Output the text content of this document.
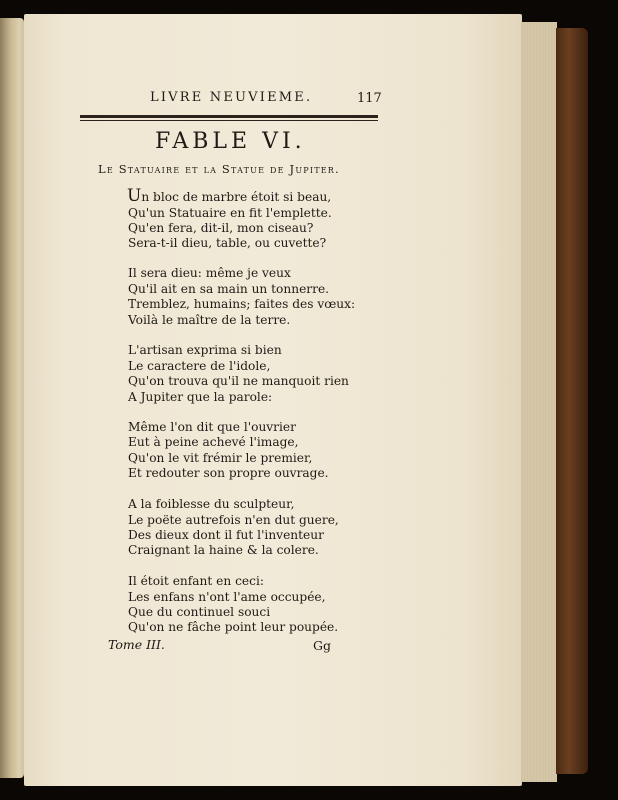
LIVRE NEUVIEME.	117
FABLE VI.
Le Statuaire et la Statue de Jupiter.
Un bloc de marbre étoit si beau,
Qu'un Statuaire en fit l'emplette.
Qu'en fera, dit-il, mon ciseau?
Sera-t-il dieu, table, ou cuvette?
Il sera dieu: même je veux
Qu'il ait en sa main un tonnerre.
Tremblez, humains; faites des vœux:
Voilà le maître de la terre.
L'artisan exprima si bien
Le caractere de l'idole,
Qu'on trouva qu'il ne manquoit rien
A Jupiter que la parole:
Même l'on dit que l'ouvrier
Eut à peine achevé l'image,
Qu'on le vit frémir le premier,
Et redouter son propre ouvrage.
A la foiblesse du sculpteur,
Le poëte autrefois n'en dut guere,
Des dieux dont il fut l'inventeur
Craignant la haine & la colere.
Il étoit enfant en ceci:
Les enfans n'ont l'ame occupée,
Que du continuel souci
Qu'on ne fâche point leur poupée.
Tome III.	Gg
